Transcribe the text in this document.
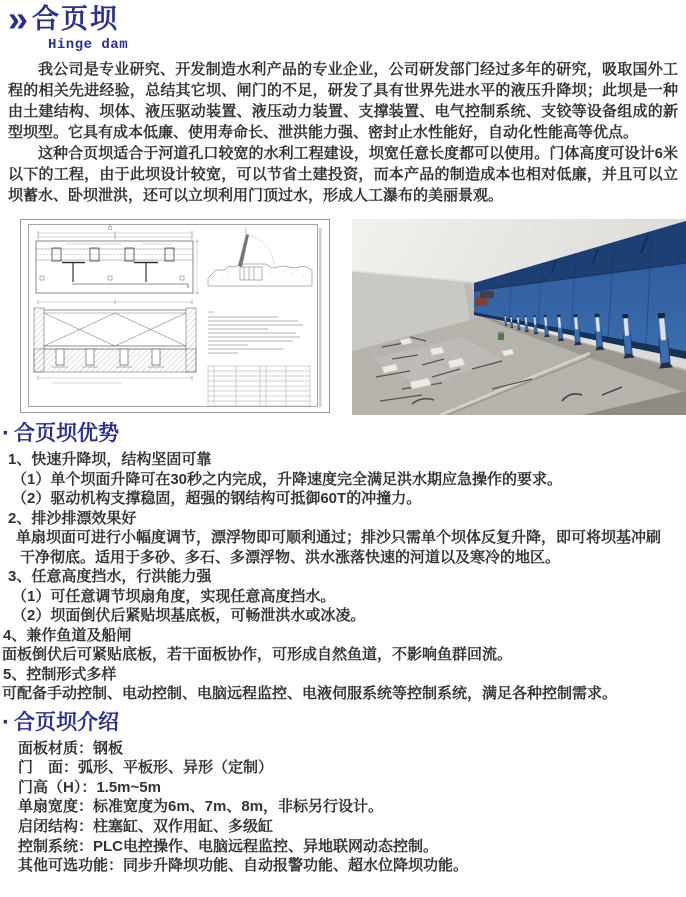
» 合页坝
Hinge dam

我公司是专业研究、开发制造水利产品的专业企业，公司研发部门经过多年的研究，吸取国外工程的相关先进经验，总结其它坝、闸门的不足，研发了具有世界先进水平的液压升降坝；此坝是一种由土建结构、坝体、液压驱动装置、液压动力装置、支撑装置、电气控制系统、支铰等设备组成的新型坝型。它具有成本低廉、使用寿命长、泄洪能力强、密封止水性能好，自动化性能高等优点。

这种合页坝适合于河道孔口较宽的水利工程建设，坝宽任意长度都可以使用。门体高度可设计6米以下的工程，由于此坝设计较宽，可以节省土建投资，而本产品的制造成本也相对低廉，并且可以立坝蓄水、卧坝泄洪，还可以立坝利用门顶过水，形成人工瀑布的美丽景观。

· 合页坝优势
1、快速升降坝，结构坚固可靠
（1）单个坝面升降可在30秒之内完成，升降速度完全满足洪水期应急操作的要求。
（2）驱动机构支撑稳固，超强的钢结构可抵御60T的冲撞力。
2、排沙排漂效果好
单扇坝面可进行小幅度调节，漂浮物即可顺利通过；排沙只需单个坝体反复升降，即可将坝基冲刷
干净彻底。适用于多砂、多石、多漂浮物、洪水涨落快速的河道以及寒冷的地区。
3、任意高度挡水，行洪能力强
（1）可任意调节坝扇角度，实现任意高度挡水。
（2）坝面倒伏后紧贴坝基底板，可畅泄洪水或冰凌。
4、兼作鱼道及船闸
面板倒伏后可紧贴底板，若干面板协作，可形成自然鱼道，不影响鱼群回流。
5、控制形式多样
可配备手动控制、电动控制、电脑远程监控、电液伺服系统等控制系统，满足各种控制需求。
· 合页坝介绍
面板材质：钢板
门　面：弧形、平板形、异形（定制）
门高（H）：1.5m~5m
单扇宽度：标准宽度为6m、7m、8m，非标另行设计。
启闭结构：柱塞缸、双作用缸、多级缸
控制系统：PLC电控操作、电脑远程监控、异地联网动态控制。
其他可选功能：同步升降坝功能、自动报警功能、超水位降坝功能。
